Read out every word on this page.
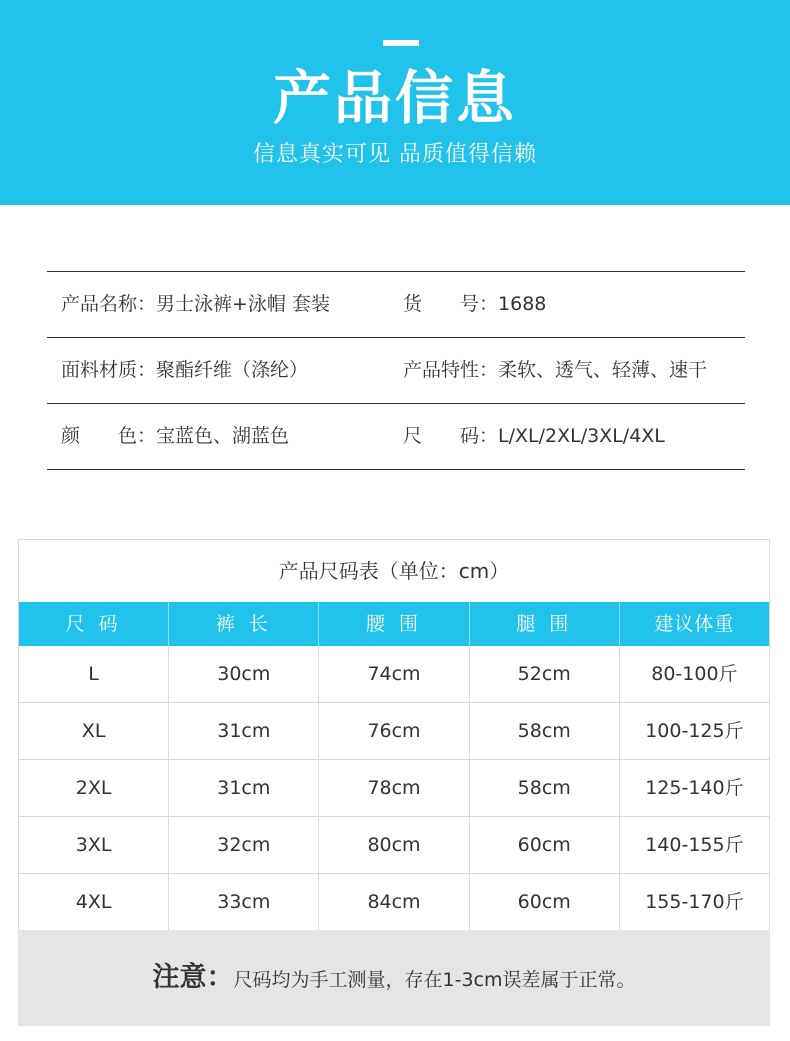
产品信息
信息真实可见 品质值得信赖
产品名称：男士泳裤+泳帽 套装	货　　号：1688
面料材质：聚酯纤维（涤纶）	产品特性：柔软、透气、轻薄、速干
颜　　色：宝蓝色、湖蓝色	尺　　码：L/XL/2XL/3XL/4XL
产品尺码表（单位：cm）
尺 码	裤 长	腰 围	腿 围	建议体重
L	30cm	74cm	52cm	80-100斤
XL	31cm	76cm	58cm	100-125斤
2XL	31cm	78cm	58cm	125-140斤
3XL	32cm	80cm	60cm	140-155斤
4XL	33cm	84cm	60cm	155-170斤
注意：尺码均为手工测量，存在1-3cm误差属于正常。
